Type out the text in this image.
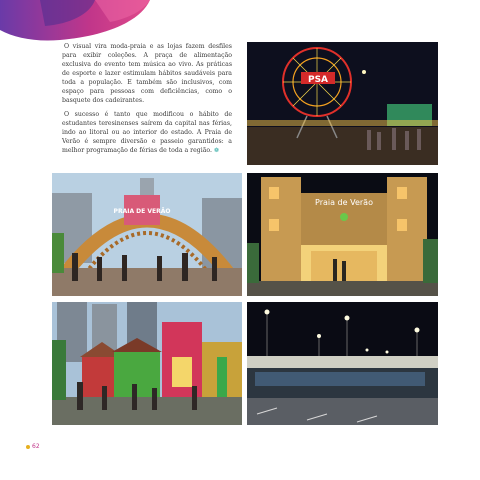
O visual vira moda-praia e as lojas fazem desfiles para exibir coleções. A praça de alimentação exclusiva do evento tem música ao vivo. As práticas de esporte e lazer estimulam hábitos saudáveis para toda a população. E também são inclusivos, com espaço para pessoas com deficiências, como o basquete dos cadeirantes.

O sucesso é tanto que modificou o hábito de estudantes teresinenses saírem da capital nas férias, indo ao litoral ou ao interior do estado. A Praia de Verão é sempre diversão e passeio garantidos: a melhor programação de férias de toda a região. ❁

PSA
PRAIA DE VERÃO
Praia de Verão
62
